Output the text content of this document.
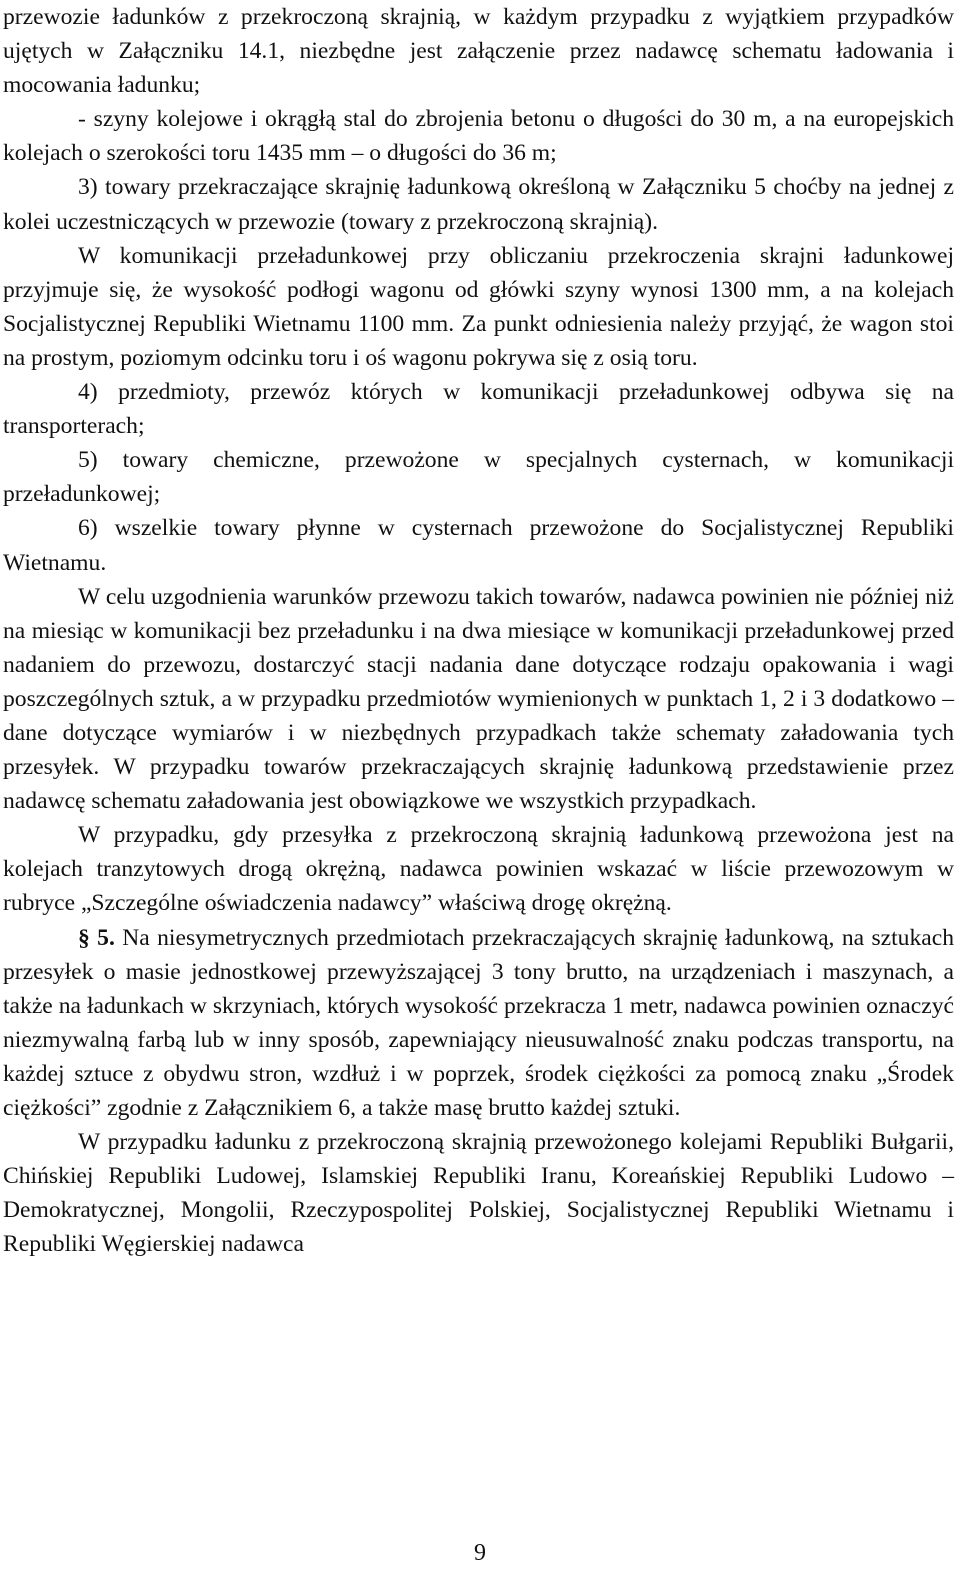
przewozie ładunków z przekroczoną skrajnią, w każdym przypadku z wyjątkiem przypadków ujętych w Załączniku 14.1, niezbędne jest załączenie przez nadawcę schematu ładowania i mocowania ładunku;

- szyny kolejowe i okrągłą stal do zbrojenia betonu o długości do 30 m, a na europejskich kolejach o szerokości toru 1435 mm – o długości do 36 m;

3) towary przekraczające skrajnię ładunkową określoną w Załączniku 5 choćby na jednej z kolei uczestniczących w przewozie (towary z przekroczoną skrajnią).

W komunikacji przeładunkowej przy obliczaniu przekroczenia skrajni ładunkowej przyjmuje się, że wysokość podłogi wagonu od główki szyny wynosi 1300 mm, a na kolejach Socjalistycznej Republiki Wietnamu 1100 mm. Za punkt odniesienia należy przyjąć, że wagon stoi na prostym, poziomym odcinku toru i oś wagonu pokrywa się z osią toru.

4) przedmioty, przewóz których w komunikacji przeładunkowej odbywa się na transporterach;

5) towary chemiczne, przewożone w specjalnych cysternach, w komunikacji przeładunkowej;

6) wszelkie towary płynne w cysternach przewożone do Socjalistycznej Republiki Wietnamu.

W celu uzgodnienia warunków przewozu takich towarów, nadawca powinien nie później niż na miesiąc w komunikacji bez przeładunku i na dwa miesiące w komunikacji przeładunkowej przed nadaniem do przewozu, dostarczyć stacji nadania dane dotyczące rodzaju opakowania i wagi poszczególnych sztuk, a w przypadku przedmiotów wymienionych w punktach 1, 2 i 3 dodatkowo – dane dotyczące wymiarów i w niezbędnych przypadkach także schematy załadowania tych przesyłek. W przypadku towarów przekraczających skrajnię ładunkową przedstawienie przez nadawcę schematu załadowania jest obowiązkowe we wszystkich przypadkach.

W przypadku, gdy przesyłka z przekroczoną skrajnią ładunkową przewożona jest na kolejach tranzytowych drogą okrężną, nadawca powinien wskazać w liście przewozowym w rubryce „Szczególne oświadczenia nadawcy” właściwą drogę okrężną.

§ 5. Na niesymetrycznych przedmiotach przekraczających skrajnię ładunkową, na sztukach przesyłek o masie jednostkowej przewyższającej 3 tony brutto, na urządzeniach i maszynach, a także na ładunkach w skrzyniach, których wysokość przekracza 1 metr, nadawca powinien oznaczyć niezmywalną farbą lub w inny sposób, zapewniający nieusuwalność znaku podczas transportu, na każdej sztuce z obydwu stron, wzdłuż i w poprzek, środek ciężkości za pomocą znaku „Środek ciężkości” zgodnie z Załącznikiem 6, a także masę brutto każdej sztuki.

W przypadku ładunku z przekroczoną skrajnią przewożonego kolejami Republiki Bułgarii, Chińskiej Republiki Ludowej, Islamskiej Republiki Iranu, Koreańskiej Republiki Ludowo – Demokratycznej, Mongolii, Rzeczypospolitej Polskiej, Socjalistycznej Republiki Wietnamu i Republiki Węgierskiej nadawca

9
